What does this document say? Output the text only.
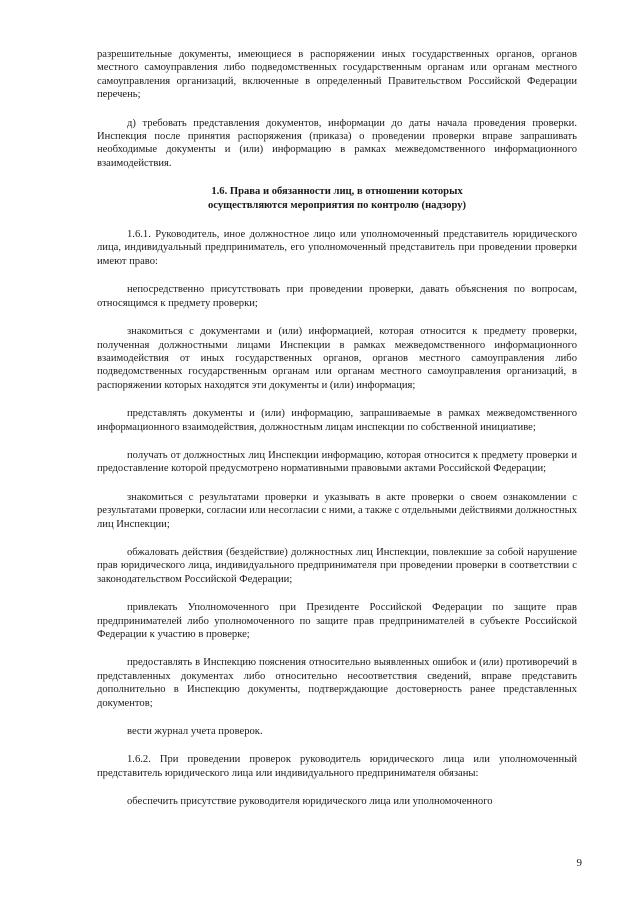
разрешительные документы, имеющиеся в распоряжении иных государственных органов, органов местного самоуправления либо подведомственных государственным органам или органам местного самоуправления организаций, включенные в определенный Правительством Российской Федерации перечень;

д) требовать представления документов, информации до даты начала проведения проверки. Инспекция после принятия распоряжения (приказа) о проведении проверки вправе запрашивать необходимые документы и (или) информацию в рамках межведомственного информационного взаимодействия.

1.6. Права и обязанности лиц, в отношении которых
осуществляются мероприятия по контролю (надзору)

1.6.1. Руководитель, иное должностное лицо или уполномоченный представитель юридического лица, индивидуальный предприниматель, его уполномоченный представитель при проведении проверки имеют право:

непосредственно присутствовать при проведении проверки, давать объяснения по вопросам, относящимся к предмету проверки;

знакомиться с документами и (или) информацией, которая относится к предмету проверки, полученная должностными лицами Инспекции в рамках межведомственного информационного взаимодействия от иных государственных органов, органов местного самоуправления либо подведомственных государственным органам или органам местного самоуправления организаций, в распоряжении которых находятся эти документы и (или) информация;

представлять документы и (или) информацию, запрашиваемые в рамках межведомственного информационного взаимодействия, должностным лицам инспекции по собственной инициативе;

получать от должностных лиц Инспекции информацию, которая относится к предмету проверки и предоставление которой предусмотрено нормативными правовыми актами Российской Федерации;

знакомиться с результатами проверки и указывать в акте проверки о своем ознакомлении с результатами проверки, согласии или несогласии с ними, а также с отдельными действиями должностных лиц Инспекции;

обжаловать действия (бездействие) должностных лиц Инспекции, повлекшие за собой нарушение прав юридического лица, индивидуального предпринимателя при проведении проверки в соответствии с законодательством Российской Федерации;

привлекать Уполномоченного при Президенте Российской Федерации по защите прав предпринимателей либо уполномоченного по защите прав предпринимателей в субъекте Российской Федерации к участию в проверке;

предоставлять в Инспекцию пояснения относительно выявленных ошибок и (или) противоречий в представленных документах либо относительно несоответствия сведений, вправе представить дополнительно в Инспекцию документы, подтверждающие достоверность ранее представленных документов;

вести журнал учета проверок.

1.6.2. При проведении проверок руководитель юридического лица или уполномоченный представитель юридического лица или индивидуального предпринимателя обязаны:

обеспечить присутствие руководителя юридического лица или уполномоченного

9
